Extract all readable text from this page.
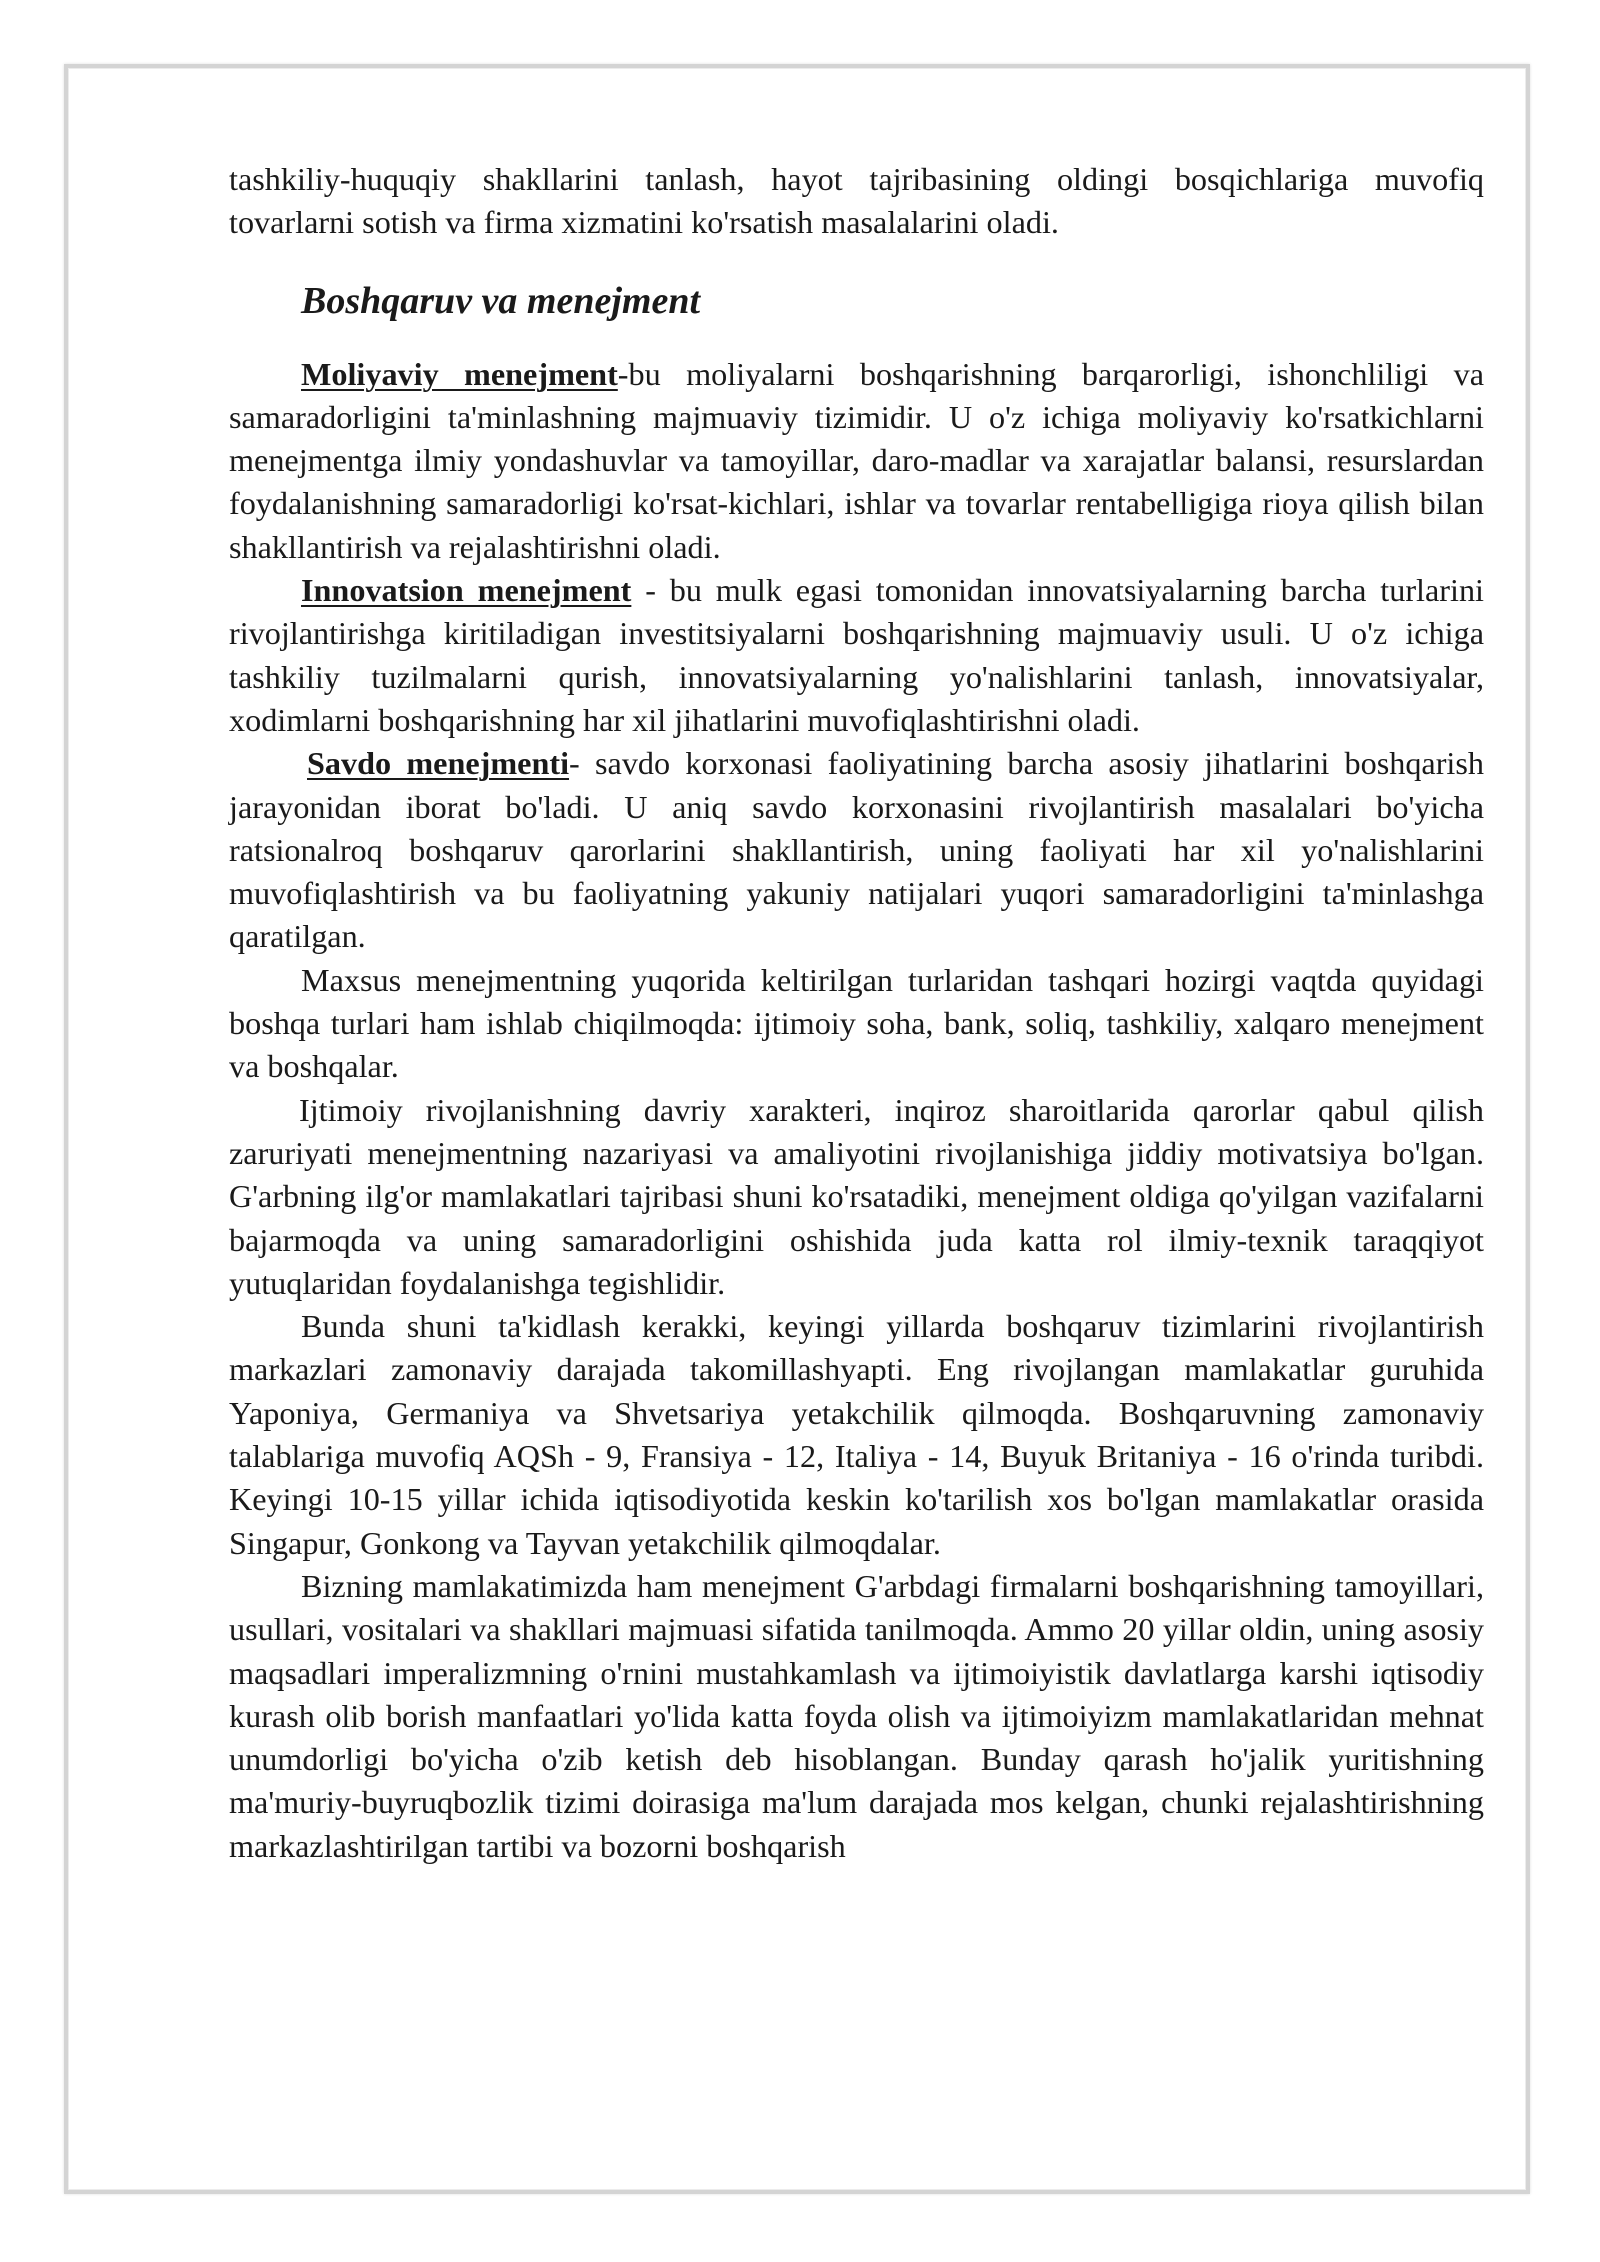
tashkiliy-huquqiy shakllarini tanlash, hayot tajribasining oldingi bosqichlariga muvofiq tovarlarni sotish va firma xizmatini ko'rsatish masalalarini oladi.

Boshqaruv va menejment

Moliyaviy menejment-bu moliyalarni boshqarishning barqarorligi, ishonchliligi va samaradorligini ta'minlashning majmuaviy tizimidir. U o'z ichiga moliyaviy ko'rsatkichlarni menejmentga ilmiy yondashuvlar va tamoyillar, daro-madlar va xarajatlar balansi, resurslardan foydalanishning samaradorligi ko'rsat-kichlari, ishlar va tovarlar rentabelligiga rioya qilish bilan shakllantirish va rejalashtirishni oladi.

Innovatsion menejment - bu mulk egasi tomonidan innovatsiyalarning barcha turlarini rivojlantirishga kiritiladigan investitsiyalarni boshqarishning majmuaviy usuli. U o'z ichiga tashkiliy tuzilmalarni qurish, innovatsiyalarning yo'nalishlarini tanlash, innovatsiyalar, xodimlarni boshqarishning har xil jihatlarini muvofiqlashtirishni oladi.

Savdo menejmenti- savdo korxonasi faoliyatining barcha asosiy jihatlarini boshqarish jarayonidan iborat bo'ladi. U aniq savdo korxonasini rivojlantirish masalalari bo'yicha ratsionalroq boshqaruv qarorlarini shakllantirish, uning faoliyati har xil yo'nalishlarini muvofiqlashtirish va bu faoliyatning yakuniy natijalari yuqori samaradorligini ta'minlashga qaratilgan.

Maxsus menejmentning yuqorida keltirilgan turlaridan tashqari hozirgi vaqtda quyidagi boshqa turlari ham ishlab chiqilmoqda: ijtimoiy soha, bank, soliq, tashkiliy, xalqaro menejment va boshqalar.

Ijtimoiy rivojlanishning davriy xarakteri, inqiroz sharoitlarida qarorlar qabul qilish zaruriyati menejmentning nazariyasi va amaliyotini rivojlanishiga jiddiy motivatsiya bo'lgan. G'arbning ilg'or mamlakatlari tajribasi shuni ko'rsatadiki, menejment oldiga qo'yilgan vazifalarni bajarmoqda va uning samaradorligini oshishida juda katta rol ilmiy-texnik taraqqiyot yutuqlaridan foydalanishga tegishlidir.

Bunda shuni ta'kidlash kerakki, keyingi yillarda boshqaruv tizimlarini rivojlantirish markazlari zamonaviy darajada takomillashyapti. Eng rivojlangan mamlakatlar guruhida Yaponiya, Germaniya va Shvetsariya yetakchilik qilmoqda. Boshqaruvning zamonaviy talablariga muvofiq AQSh - 9, Fransiya - 12, Italiya - 14, Buyuk Britaniya - 16 o'rinda turibdi. Keyingi 10-15 yillar ichida iqtisodiyotida keskin ko'tarilish xos bo'lgan mamlakatlar orasida Singapur, Gonkong va Tayvan yetakchilik qilmoqdalar.

Bizning mamlakatimizda ham menejment G'arbdagi firmalarni boshqarishning tamoyillari, usullari, vositalari va shakllari majmuasi sifatida tanilmoqda. Ammo 20 yillar oldin, uning asosiy maqsadlari imperalizmning o'rnini mustahkamlash va ijtimoiyistik davlatlarga karshi iqtisodiy kurash olib borish manfaatlari yo'lida katta foyda olish va ijtimoiyizm mamlakatlaridan mehnat unumdorligi bo'yicha o'zib ketish deb hisoblangan. Bunday qarash ho'jalik yuritishning ma'muriy-buyruqbozlik tizimi doirasiga ma'lum darajada mos kelgan, chunki rejalashtirishning markazlashtirilgan tartibi va bozorni boshqarish
